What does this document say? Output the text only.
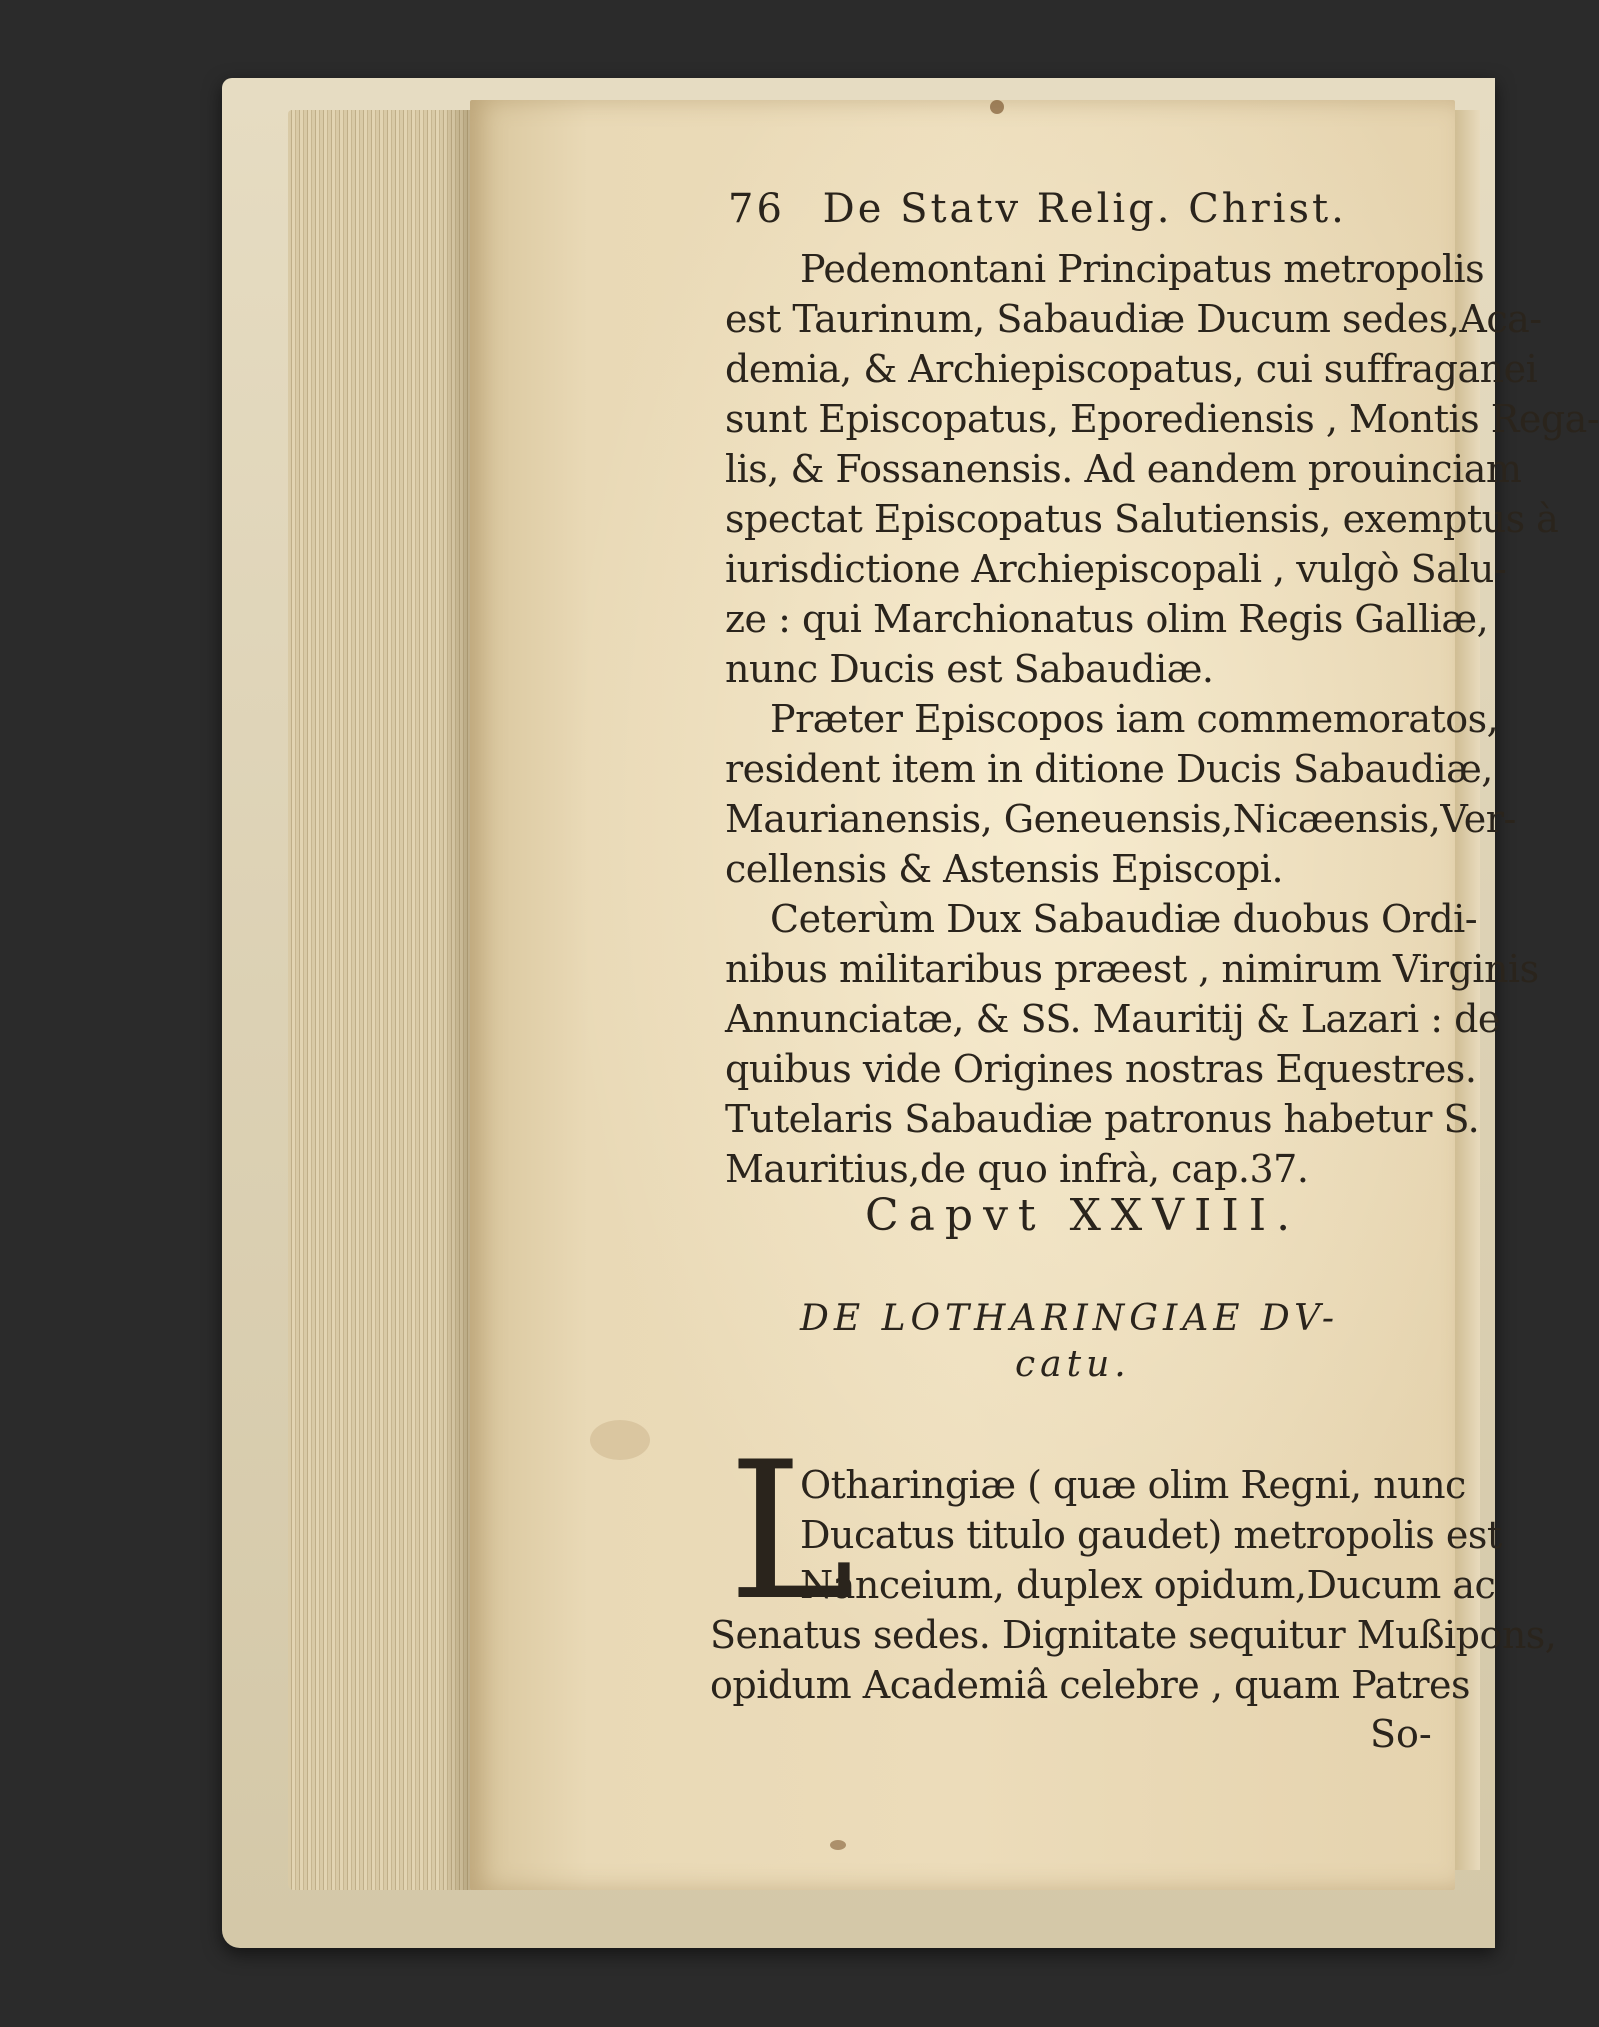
76 De Statv Relig. Christ.
Pedemontani Principatus metropolis
est Taurinum, Sabaudiæ Ducum sedes,Aca-
demia, & Archiepiscopatus, cui suffraganei
sunt Episcopatus, Eporediensis , Montis Rega-
lis, & Fossanensis. Ad eandem prouinciam
spectat Episcopatus Salutiensis, exemptus à
iurisdictione Archiepiscopali , vulgò Salu-
ze : qui Marchionatus olim Regis Galliæ,
nunc Ducis est Sabaudiæ.
Præter Episcopos iam commemoratos,
resident item in ditione Ducis Sabaudiæ,
Maurianensis, Geneuensis,Nicæensis,Ver-
cellensis & Astensis Episcopi.
Ceterùm Dux Sabaudiæ duobus Ordi-
nibus militaribus præest , nimirum Virginis
Annunciatæ, & SS. Mauritij & Lazari : de
quibus vide Origines nostras Equestres.
Tutelaris Sabaudiæ patronus habetur S.
Mauritius,de quo infrà, cap.37.
Capvt XXVIII.
DE LOTHARINGIAE DV-
catu.
L
Otharingiæ ( quæ olim Regni, nunc
Ducatus titulo gaudet) metropolis est
Nanceium, duplex opidum,Ducum ac
Senatus sedes. Dignitate sequitur Mußipons,
opidum Academiâ celebre , quam Patres
So-
